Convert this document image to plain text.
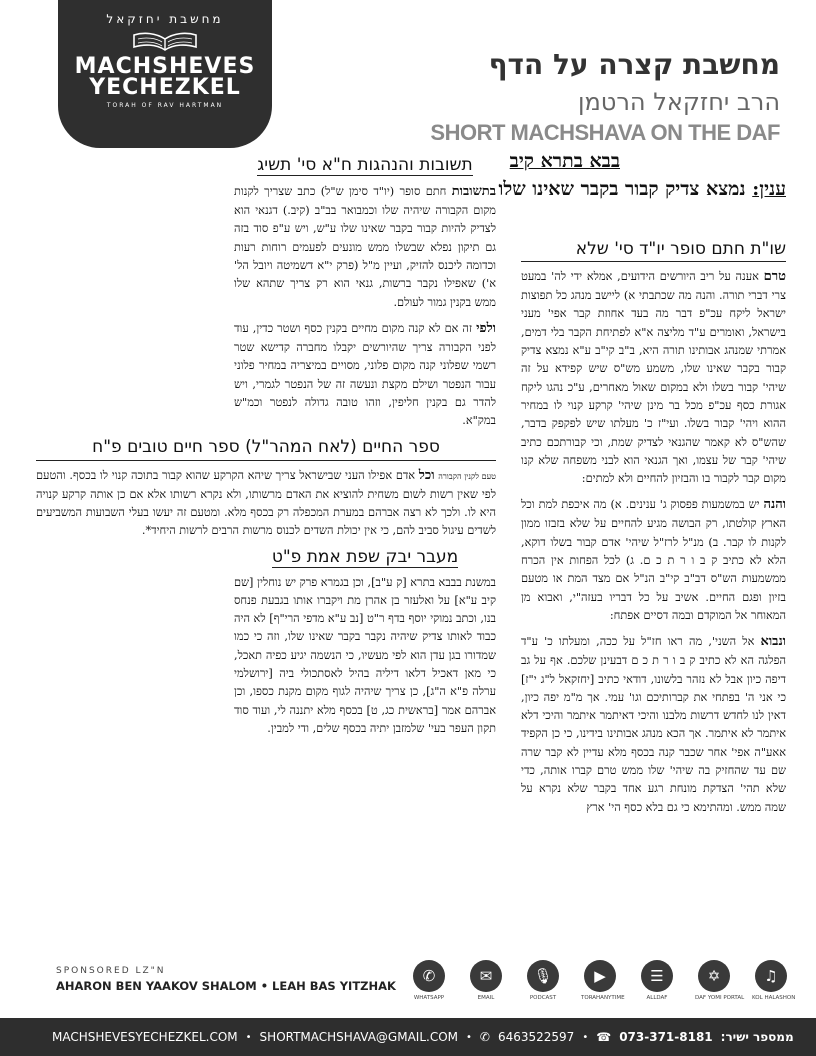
מחשבת יחזקאל
MACHSHEVES
YECHEZKEL
TORAH OF RAV HARTMAN
מחשבת קצרה על הדף
הרב יחזקאל הרטמן
SHORT MACHSHAVA ON THE DAF
בבא בתרא קיב
ענין: נמצא צדיק קבור בקבר שאינו שלו
שו"ת חתם סופר יו"ד סי' שלא

טרם אענה על ריב היורשים הידועים, אמלא ידי לה' במעט צרי דברי תורה. והנה מה שכתבתי א) ליישב מנהג כל תפוצות ישראל ליקח עכ"פ דבר מה בעד אחוזת קבר אפי' מעני בישראל, ואומרים ע"ד מליצה א"א לפתיחת הקבר בלי דמים, אמרתי שמנהג אבותינו תורה היא, ב"ב קי"ב ע"א נמצא צדיק קבור בקבר שאינו שלו, משמע מש"ס שיש קפידא על זה שיהי' קבור בשלו ולא במקום שאול מאחרים, ע"כ נהגו ליקח אגורת כסף עכ"פ מכל בר מינן שיהי' קרקע קנוי לו במחיר ההוא ויהי' קבור בשלו. ועי"ז כ' מעלתו שיש לפקפק בדבר, שהש"ס לא קאמר שהגנאי לצדיק שמת, וכי קבורתכם כתיב שיהי' קבר של עצמו, ואך הגנאי הוא לבני משפחה שלא קנו מקום קבר לקבור בו והבזיון להחיים ולא למתים:

והנה יש במשמעות פפסוק ג' ענינים. א) מה איכפת למת וכל הארץ קולטתו, רק הבושה מגיע להחיים על שלא בזבזו ממון לקנות לו קבר. ב) מנ"ל לרז"ל שיהי' אדם קבור בשלו דוקא, הלא לא כתיב ק ב ו ר ת כ ם. ג) לכל הפחות אין הכרח ממשמעות הש"ס דב"ב קי"ב הנ"ל אם מצד המת או מטעם בזיון ופגם החיים. אשיב על כל דבריו בעזה"י, ואבוא מן המאוחר אל המוקדם ובמה דסיים אפתח:

ונבוא אל השני', מה ראו חז"ל על ככה, ומעלתו כ' ע"ד הפלגה הא לא כתיב ק ב ו ר ת כ ם דבעינן שלכם. אף על גב דיפה כיון אבל לא נזהר בלשונו, דודאי כתיב [יחזקאל ל"ג י"ז] כי אני ה' בפתחי את קברותיכם וגו' עמי. אך מ"מ יפה כיון, דאין לנו לחדש דרשות מלבנו והיכי דאיתמר איתמר והיכי דלא איתמר לא איתמר. אך הכא מנהג אבותינו בידינו, כי כן הקפיד אאע"ה אפי' אחר שכבר קנה בכסף מלא עדיין לא קבר שרה שם עד שהחזיק בה שיהי' שלו ממש טרם קברו אותה, כדי שלא תהי' הצדקת מונחת רגע אחד בקבר שלא נקרא על שמה ממש. ומהתימא כי גם בלא כסף הי' ארץ

תשובות והנהגות ח"א סי' תשיג

בתשובות חתם סופר (יו"ד סימן ש"ל) כתב שצריך לקנות מקום הקבורה שיהיה שלו וכמבואר בב"ב (קיב.) דגנאי הוא לצדיק להיות קבור בקבר שאינו שלו ע"ש, ויש ע"פ סוד בזה גם תיקון נפלא שבשלו ממש מונעים לפעמים רוחות רעות וכדומה ליכנס להזיק, ועיין מ"ל (פרק י"א דשמיטה ויובל הל' א') שאפילו נקבר ברשות, גנאי הוא רק צריך שתהא שלו ממש בקנין גמור לעולם.

ולפי זה אם לא קנה מקום מחיים בקנין כסף ושטר כדין, עוד לפני הקבורה צריך שהיורשים יקבלו מחברה קדישא שטר רשמי שפלוני קנה מקום פלוני, מסויים במיצריה במחיר פלוני עבור הנפטר ושילם מקצת ונעשה זה של הנפטר לגמרי, ויש להדר גם בקנין חליפין, וזהו טובה גדולה לנפטר וכמ"ש במק"א.

ספר החיים (לאח המהר"ל) ספר חיים טובים פ"ח

טעם לקנין הקבורה וכל אדם אפילו העני שבישראל צריך שיהא הקרקע שהוא קבור בתוכה קנוי לו בכסף. והטעם לפי שאין רשות לשום משחית להוציא את האדם מרשותו, ולא נקרא רשותו אלא אם כן אותה קרקע קנויה היא לו. ולכך לא רצה אברהם במערת המכפלה רק בכסף מלא. ומטעם זה יעשו בעלי השבועות המשביעים לשדים עיגול סביב להם, כי אין יכולת השדים לכנוס מרשות הרבים לרשות היחיד*.

מעבר יבק שפת אמת פ"ט

במשנת בבבא בתרא [ק ע"ב], וכן בגמרא פרק יש נוחלין [שם קיב ע"א] על ואלעזר בן אהרן מת ויקברו אותו בגבעת פנחס בנו, וכתב נמוקי יוסף בדף ר"ט [נב ע"א מדפי הרי"ף] לא היה כבוד לאותו צדיק שיהיה נקבר בקבר שאינו שלו, וזה כי כמו שמדורו בגן עדן הוא לפי מעשיו, כי הנשמה יגיע כפיה תאכל, כי מאן דאכיל דלאו דיליה בהיל לאסתכולי ביה [ירושלמי ערלה פ"א ה"ג], כן צריך שיהיה לגוף מקום מקנת כספו, וכן אברהם אמר [בראשית כג, ט] בכסף מלא יתננה לי, ועוד סוד תקון העפר בעי' שלמזבן יתיה בכסף שלים, ודי למבין.

SPONSORED LZ"N
AHARON BEN YAAKOV SHALOM • LEAH BAS YITZHAK
✆
WHATSAPP
✉
EMAIL
🎙
PODCAST
▶
TORAHANYTIME
☰
ALLDAF
✡
DAF YOMI PORTAL
♫
KOL HALASHON
MACHSHEVESYECHEZKEL.COM • SHORTMACHSHAVA@GMAIL.COM • ✆ 6463522597 • ☎ 073-371-8181 ממספר ישיר:
